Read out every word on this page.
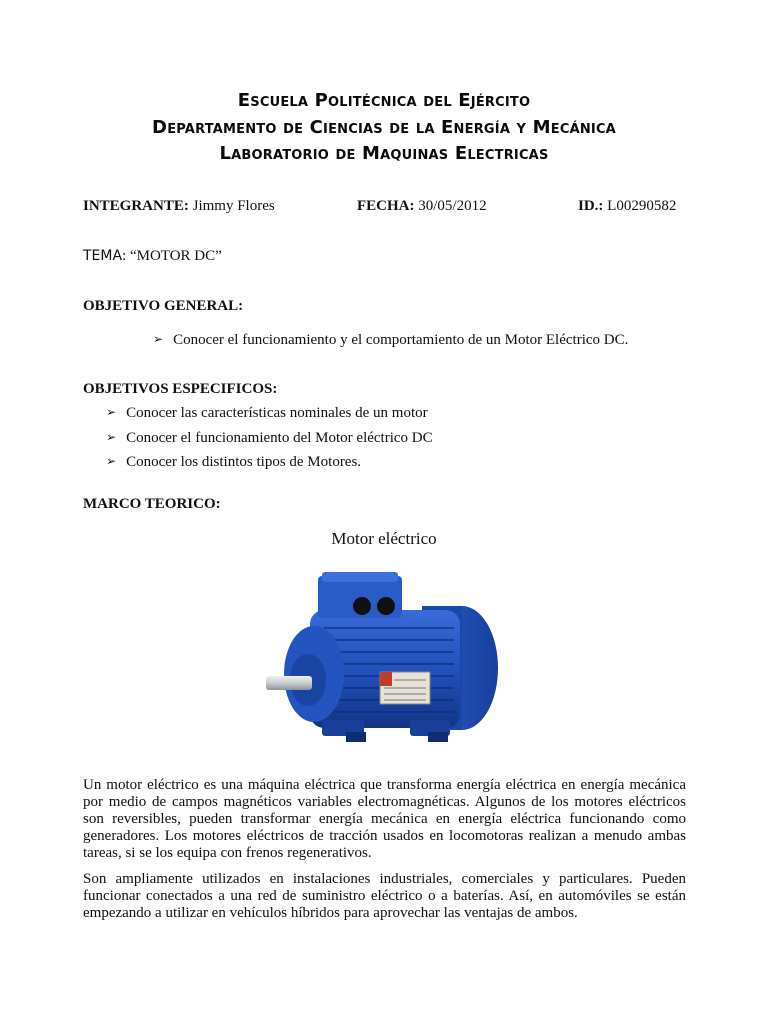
Escuela Politécnica del Ejército
Departamento de Ciencias de la Energía y Mecánica
Laboratorio de Maquinas Electricas
INTEGRANTE: Jimmy Flores	FECHA: 30/05/2012	ID.: L00290582
TEMA: “MOTOR DC”
OBJETIVO GENERAL:
➢ Conocer el funcionamiento y el comportamiento de un Motor Eléctrico DC.
OBJETIVOS ESPECIFICOS:
➢ Conocer las características nominales de un motor
➢ Conocer el funcionamiento del Motor eléctrico DC
➢ Conocer los distintos tipos de Motores.
MARCO TEORICO:
Motor eléctrico
Un motor eléctrico es una máquina eléctrica que transforma energía eléctrica en energía mecánica por medio de campos magnéticos variables electromagnéticas. Algunos de los motores eléctricos son reversibles, pueden transformar energía mecánica en energía eléctrica funcionando como generadores. Los motores eléctricos de tracción usados en locomotoras realizan a menudo ambas tareas, si se los equipa con frenos regenerativos.
Son ampliamente utilizados en instalaciones industriales, comerciales y particulares. Pueden funcionar conectados a una red de suministro eléctrico o a baterías. Así, en automóviles se están empezando a utilizar en vehículos híbridos para aprovechar las ventajas de ambos.
